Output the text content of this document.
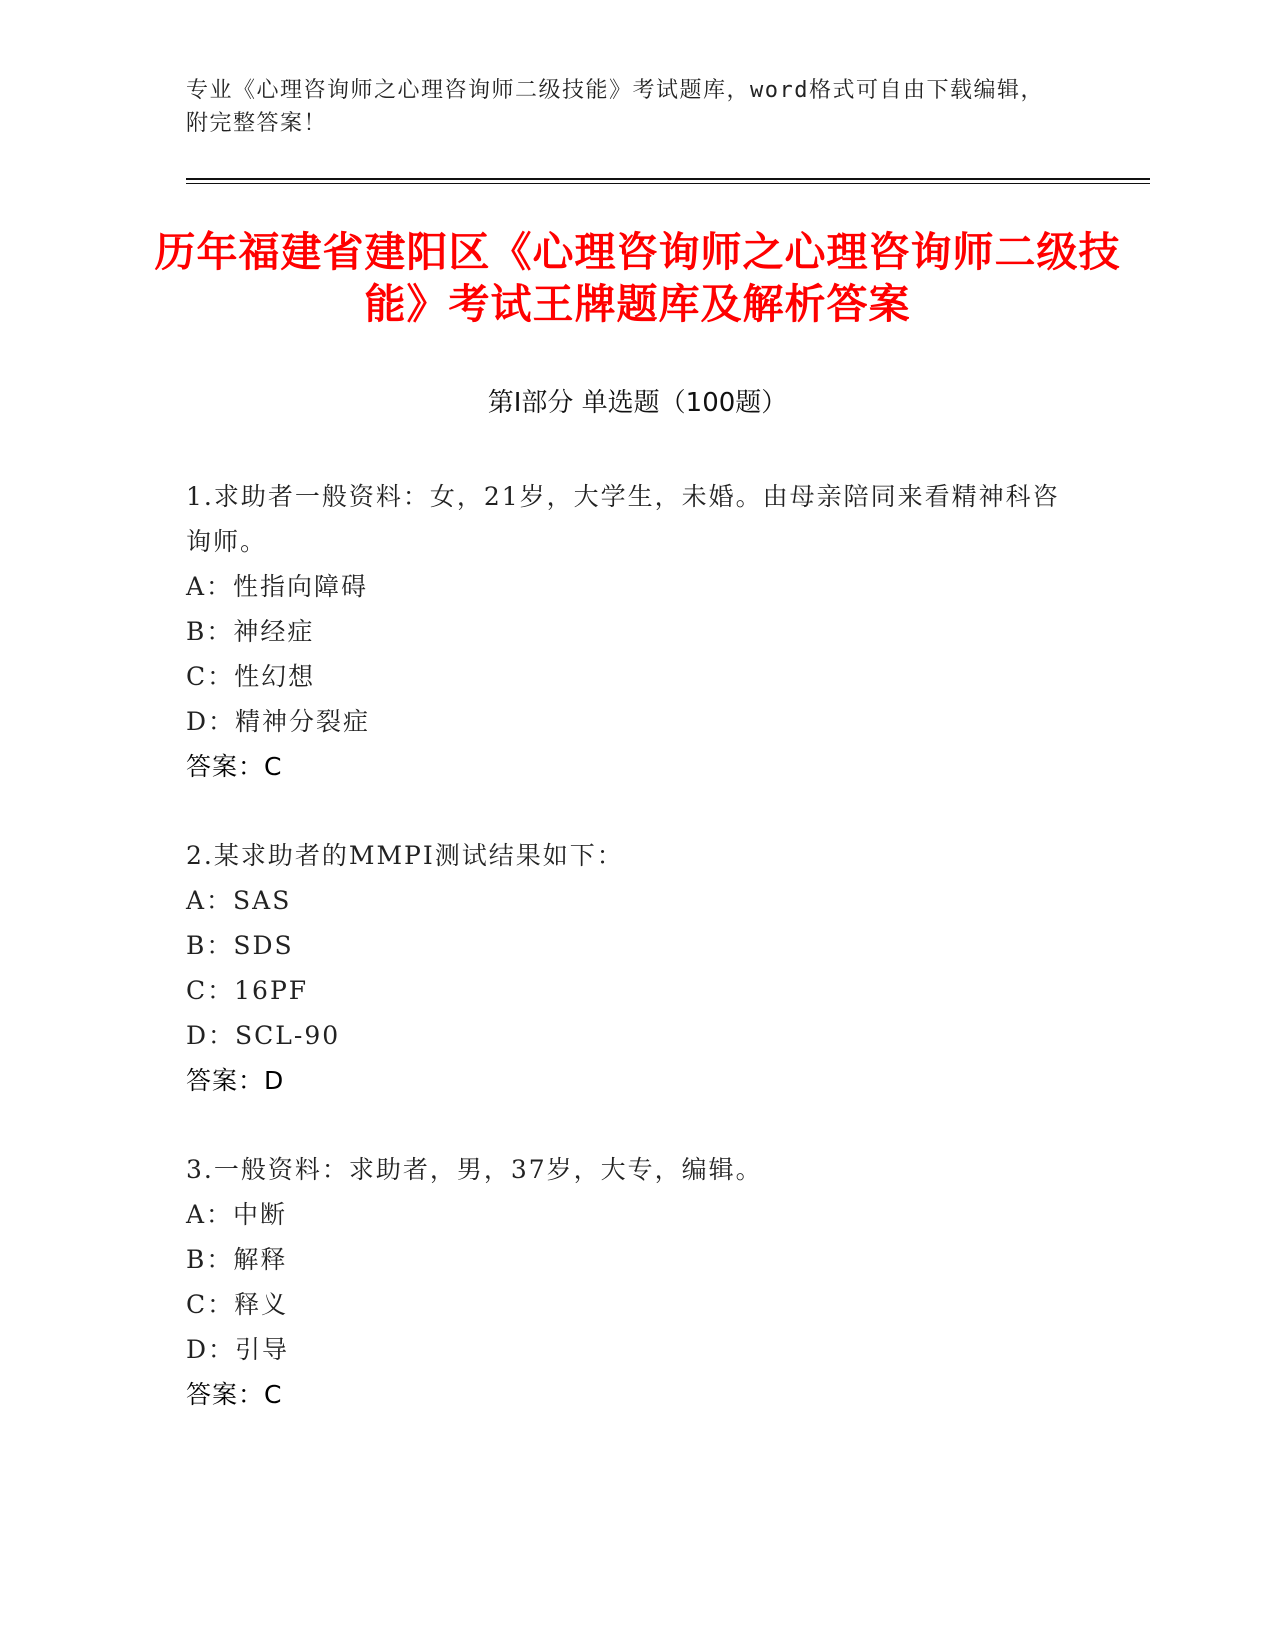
专业《心理咨询师之心理咨询师二级技能》考试题库，word格式可自由下载编辑，附完整答案！
历年福建省建阳区《心理咨询师之心理咨询师二级技能》考试王牌题库及解析答案
第Ⅰ部分 单选题（100题）
1.求助者一般资料：女，21岁，大学生，未婚。由母亲陪同来看精神科咨询师。
A：性指向障碍
B：神经症
C：性幻想
D：精神分裂症
答案：C
2.某求助者的MMPI测试结果如下：
A：SAS
B：SDS
C：16PF
D：SCL-90
答案：D
3.一般资料：求助者，男，37岁，大专，编辑。
A：中断
B：解释
C：释义
D：引导
答案：C
